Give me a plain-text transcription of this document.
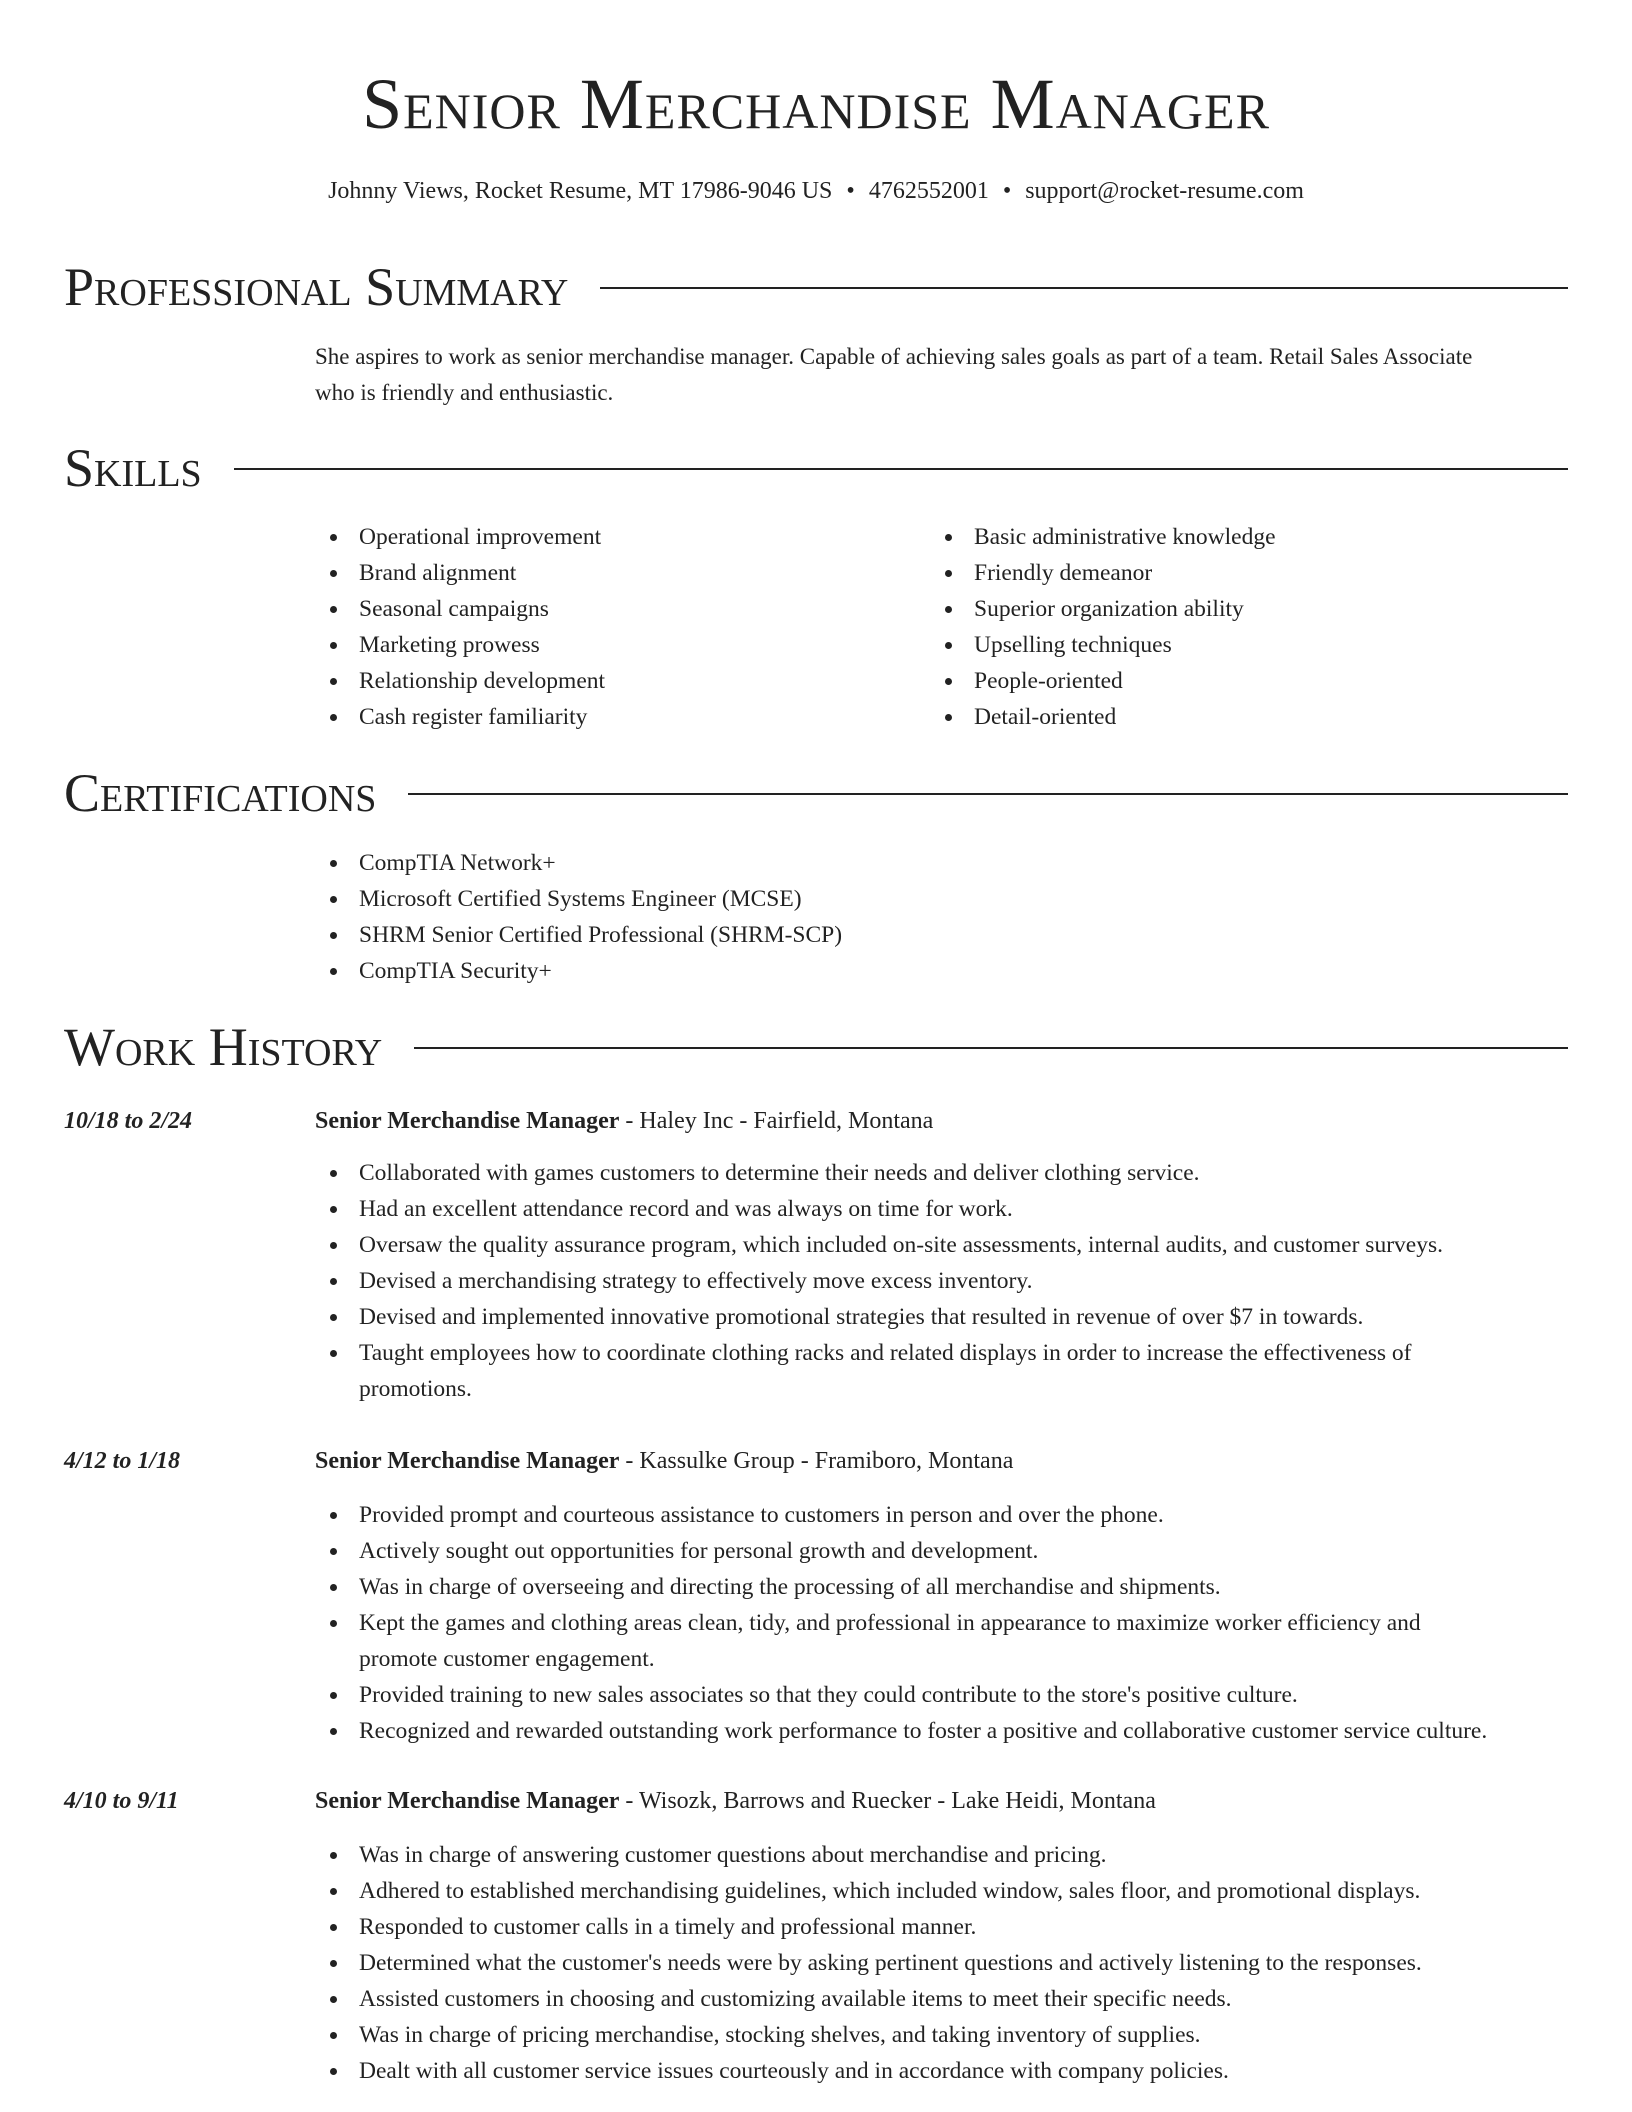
Senior Merchandise Manager
Johnny Views, Rocket Resume, MT 17986-9046 US • 4762552001 • support@rocket-resume.com
Professional Summary
She aspires to work as senior merchandise manager. Capable of achieving sales goals as part of a team. Retail Sales Associate who is friendly and enthusiastic.
Skills
Operational improvement
Brand alignment
Seasonal campaigns
Marketing prowess
Relationship development
Cash register familiarity
Basic administrative knowledge
Friendly demeanor
Superior organization ability
Upselling techniques
People-oriented
Detail-oriented
Certifications
CompTIA Network+
Microsoft Certified Systems Engineer (MCSE)
SHRM Senior Certified Professional (SHRM-SCP)
CompTIA Security+
Work History
10/18 to 2/24	Senior Merchandise Manager - Haley Inc - Fairfield, Montana
Collaborated with games customers to determine their needs and deliver clothing service.
Had an excellent attendance record and was always on time for work.
Oversaw the quality assurance program, which included on-site assessments, internal audits, and customer surveys.
Devised a merchandising strategy to effectively move excess inventory.
Devised and implemented innovative promotional strategies that resulted in revenue of over $7 in towards.
Taught employees how to coordinate clothing racks and related displays in order to increase the effectiveness of promotions.
4/12 to 1/18	Senior Merchandise Manager - Kassulke Group - Framiboro, Montana
Provided prompt and courteous assistance to customers in person and over the phone.
Actively sought out opportunities for personal growth and development.
Was in charge of overseeing and directing the processing of all merchandise and shipments.
Kept the games and clothing areas clean, tidy, and professional in appearance to maximize worker efficiency and promote customer engagement.
Provided training to new sales associates so that they could contribute to the store's positive culture.
Recognized and rewarded outstanding work performance to foster a positive and collaborative customer service culture.
4/10 to 9/11	Senior Merchandise Manager - Wisozk, Barrows and Ruecker - Lake Heidi, Montana
Was in charge of answering customer questions about merchandise and pricing.
Adhered to established merchandising guidelines, which included window, sales floor, and promotional displays.
Responded to customer calls in a timely and professional manner.
Determined what the customer's needs were by asking pertinent questions and actively listening to the responses.
Assisted customers in choosing and customizing available items to meet their specific needs.
Was in charge of pricing merchandise, stocking shelves, and taking inventory of supplies.
Dealt with all customer service issues courteously and in accordance with company policies.
